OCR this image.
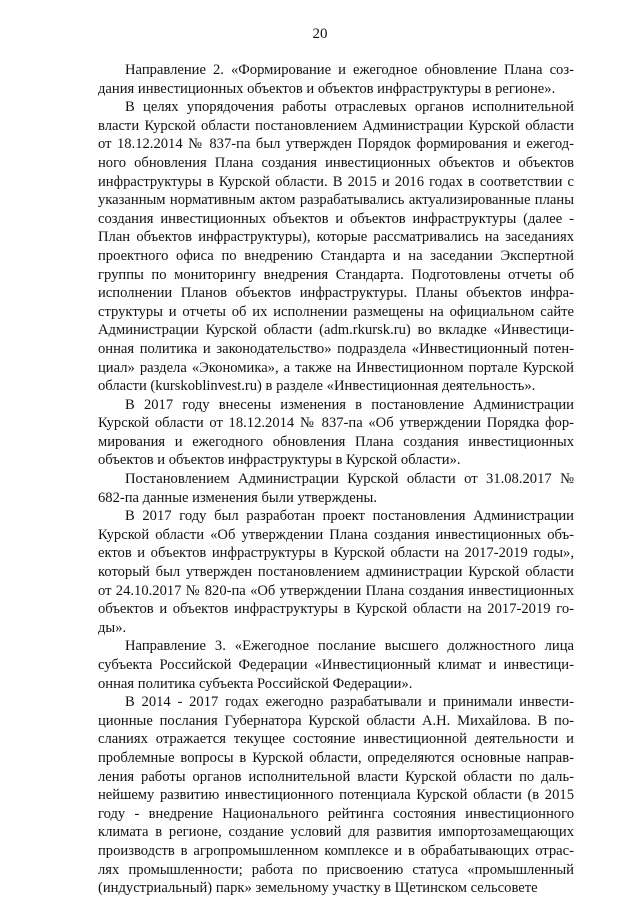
20

Направление 2. «Формирование и ежегодное обновление Плана создания инвестиционных объектов и объектов инфраструктуры в регионе».

В целях упорядочения работы отраслевых органов исполнительной власти Курской области постановлением Администрации Курской области от 18.12.2014 № 837-па был утвержден Порядок формирования и ежегодного обновления Плана создания инвестиционных объектов и объектов инфраструктуры в Курской области. В 2015 и 2016 годах в соответствии с указанным нормативным актом разрабатывались актуализированные планы создания инвестиционных объектов и объектов инфраструктуры (далее - План объектов инфраструктуры), которые рассматривались на заседаниях проектного офиса по внедрению Стандарта и на заседании Экспертной группы по мониторингу внедрения Стандарта. Подготовлены отчеты об исполнении Планов объектов инфраструктуры. Планы объектов инфраструктуры и отчеты об их исполнении размещены на официальном сайте Администрации Курской области (adm.rkursk.ru) во вкладке «Инвестиционная политика и законодательство» подраздела «Инвестиционный потенциал» раздела «Экономика», а также на Инвестиционном портале Курской области (kurskoblinvest.ru) в разделе «Инвестиционная деятельность».

В 2017 году внесены изменения в постановление Администрации Курской области от 18.12.2014 № 837-па «Об утверждении Порядка формирования и ежегодного обновления Плана создания инвестиционных объектов и объектов инфраструктуры в Курской области».

Постановлением Администрации Курской области от 31.08.2017 № 682-па данные изменения были утверждены.

В 2017 году был разработан проект постановления Администрации Курской области «Об утверждении Плана создания инвестиционных объектов и объектов инфраструктуры в Курской области на 2017-2019 годы», который был утвержден постановлением администрации Курской области от 24.10.2017 № 820-па «Об утверждении Плана создания инвестиционных объектов и объектов инфраструктуры в Курской области на 2017-2019 годы».

Направление 3. «Ежегодное послание высшего должностного лица субъекта Российской Федерации «Инвестиционный климат и инвестиционная политика субъекта Российской Федерации».

В 2014 - 2017 годах ежегодно разрабатывали и принимали инвестиционные послания Губернатора Курской области А.Н. Михайлова. В посланиях отражается текущее состояние инвестиционной деятельности и проблемные вопросы в Курской области, определяются основные направления работы органов исполнительной власти Курской области по дальнейшему развитию инвестиционного потенциала Курской области (в 2015 году - внедрение Национального рейтинга состояния инвестиционного климата в регионе, создание условий для развития импортозамещающих производств в агропромышленном комплексе и в обрабатывающих отраслях промышленности; работа по присвоению статуса «промышленный (индустриальный) парк» земельному участку в Щетинском сельсовете
